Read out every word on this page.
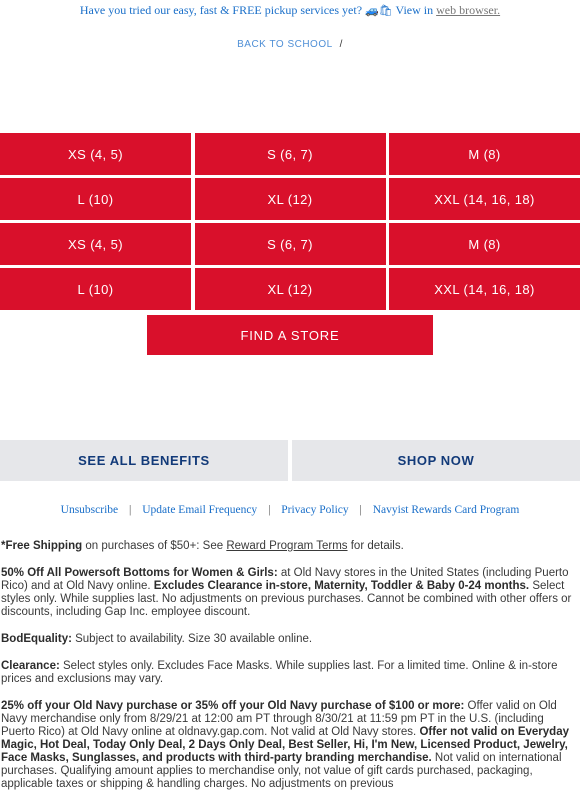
Have you tried our easy, fast & FREE pickup services yet? 🚙🛍 View in web browser.
BACK TO SCHOOL /
XS (4, 5)	S (6, 7)	M (8)
L (10)	XL (12)	XXL (14, 16, 18)
XS (4, 5)	S (6, 7)	M (8)
L (10)	XL (12)	XXL (14, 16, 18)
FIND A STORE
SEE ALL BENEFITS	SHOP NOW
Unsubscribe | Update Email Frequency | Privacy Policy | Navyist Rewards Card Program

*Free Shipping on purchases of $50+: See Reward Program Terms for details.

50% Off All Powersoft Bottoms for Women & Girls: at Old Navy stores in the United States (including Puerto Rico) and at Old Navy online. Excludes Clearance in-store, Maternity, Toddler & Baby 0-24 months. Select styles only. While supplies last. No adjustments on previous purchases. Cannot be combined with other offers or discounts, including Gap Inc. employee discount.

BodEquality: Subject to availability. Size 30 available online.

Clearance: Select styles only. Excludes Face Masks. While supplies last. For a limited time. Online & in-store prices and exclusions may vary.

25% off your Old Navy purchase or 35% off your Old Navy purchase of $100 or more: Offer valid on Old Navy merchandise only from 8/29/21 at 12:00 am PT through 8/30/21 at 11:59 pm PT in the U.S. (including Puerto Rico) at Old Navy online at oldnavy.gap.com. Not valid at Old Navy stores. Offer not valid on Everyday Magic, Hot Deal, Today Only Deal, 2 Days Only Deal, Best Seller, Hi, I'm New, Licensed Product, Jewelry, Face Masks, Sunglasses, and products with third-party branding merchandise. Not valid on international purchases. Qualifying amount applies to merchandise only, not value of gift cards purchased, packaging, applicable taxes or shipping & handling charges. No adjustments on previous
